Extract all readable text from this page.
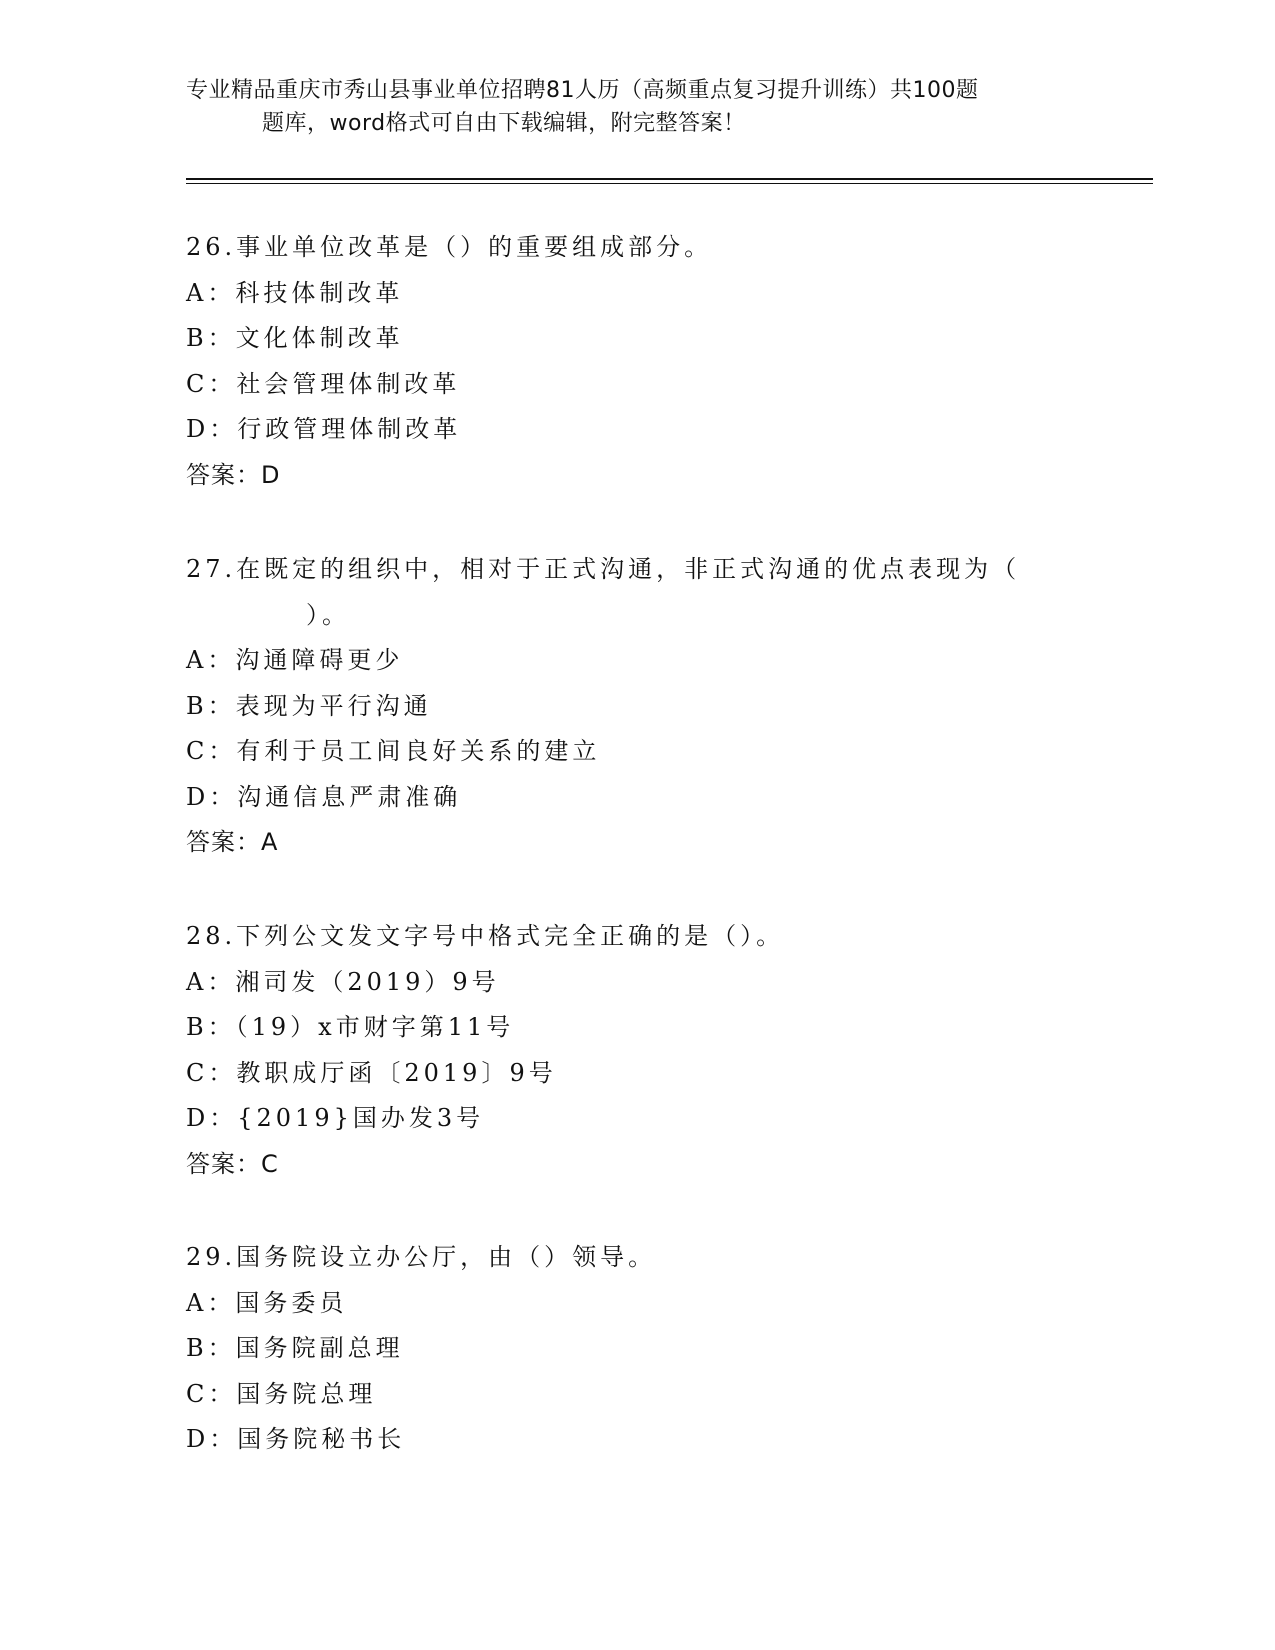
专业精品重庆市秀山县事业单位招聘81人历（高频重点复习提升训练）共100题
题库，word格式可自由下载编辑，附完整答案！
26.事业单位改革是（）的重要组成部分。
A：科技体制改革
B：文化体制改革
C：社会管理体制改革
D：行政管理体制改革
答案：D
27.在既定的组织中，相对于正式沟通，非正式沟通的优点表现为（
）。
A：沟通障碍更少
B：表现为平行沟通
C：有利于员工间良好关系的建立
D：沟通信息严肃准确
答案：A
28.下列公文发文字号中格式完全正确的是（）。
A：湘司发（2019）9号
B：（19）x市财字第11号
C：教职成厅函〔2019〕9号
D：{2019}国办发3号
答案：C
29.国务院设立办公厅，由（）领导。
A：国务委员
B：国务院副总理
C：国务院总理
D：国务院秘书长
